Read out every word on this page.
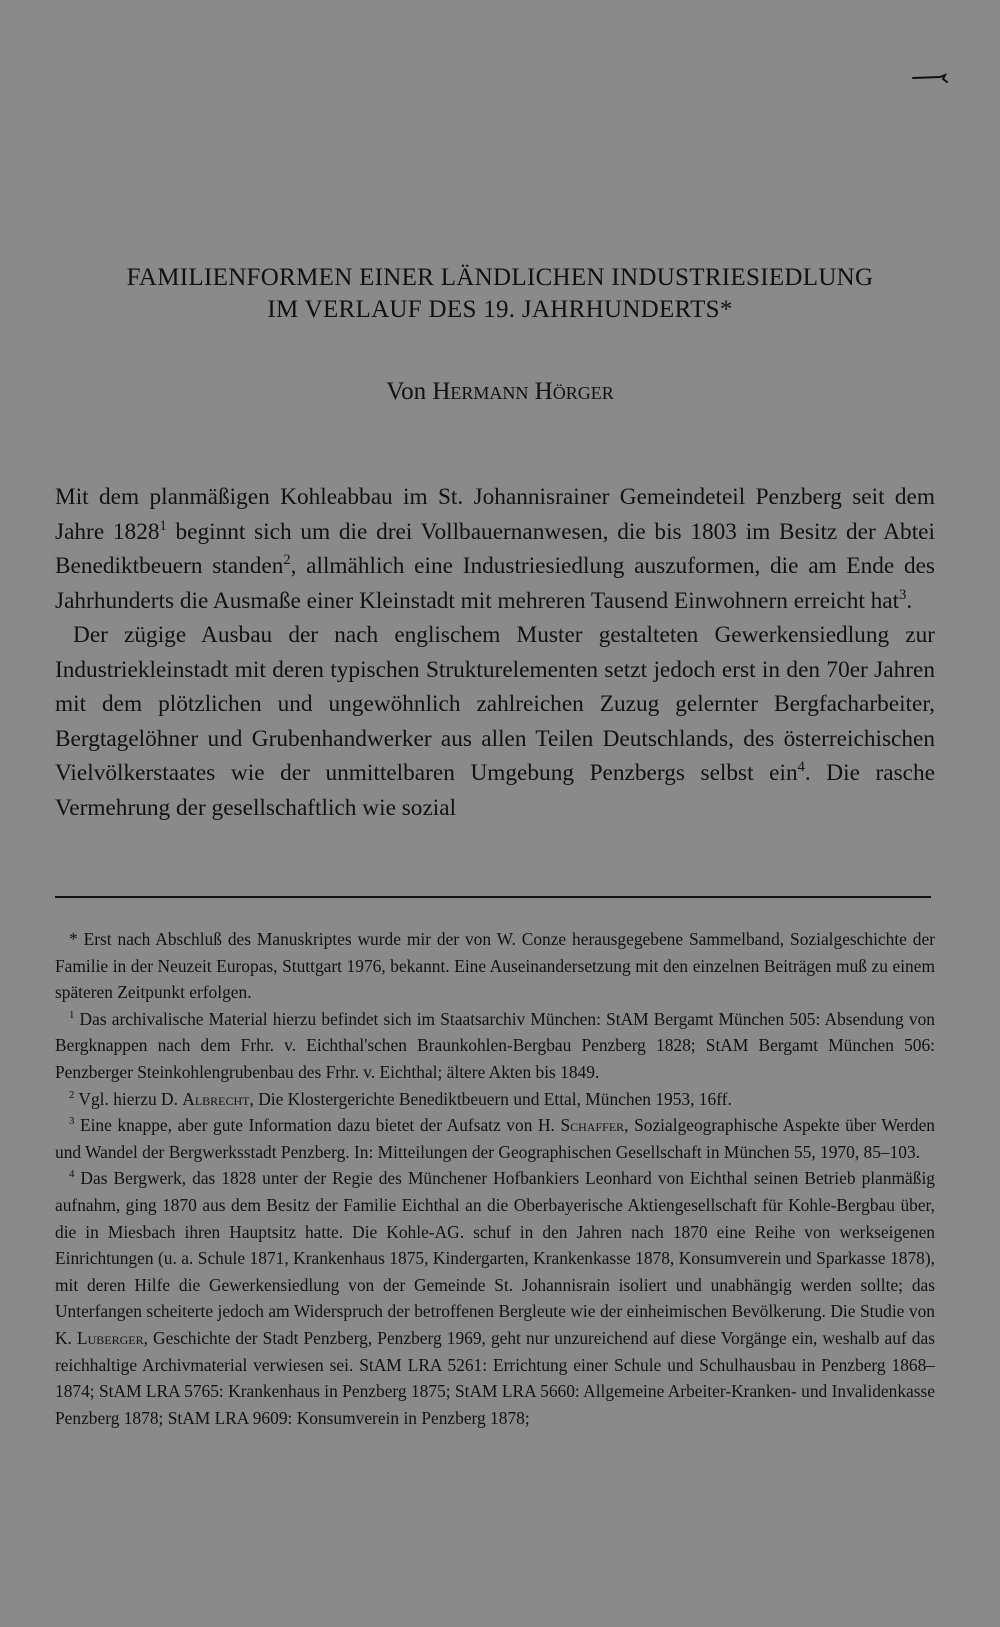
FAMILIENFORMEN EINER LÄNDLICHEN INDUSTRIESIEDLUNG
IM VERLAUF DES 19. JAHRHUNDERTS*
Von Hermann Hörger

Mit dem planmäßigen Kohleabbau im St. Johannisrainer Gemeindeteil Penzberg seit dem Jahre 1828$^1$ beginnt sich um die drei Vollbauernanwesen, die bis 1803 im Besitz der Abtei Benediktbeuern standen$^2$, allmählich eine Industriesiedlung auszuformen, die am Ende des Jahrhunderts die Ausmaße einer Kleinstadt mit mehreren Tausend Einwohnern erreicht hat$^3$.

Der zügige Ausbau der nach englischem Muster gestalteten Gewerkensiedlung zur Industriekleinstadt mit deren typischen Strukturelementen setzt jedoch erst in den 70er Jahren mit dem plötzlichen und ungewöhnlich zahlreichen Zuzug gelernter Bergfacharbeiter, Bergtagelöhner und Grubenhandwerker aus allen Teilen Deutschlands, des österreichischen Vielvölkerstaates wie der unmittelbaren Umgebung Penzbergs selbst ein$^4$. Die rasche Vermehrung der gesellschaftlich wie sozial

* Erst nach Abschluß des Manuskriptes wurde mir der von W. Conze herausgegebene Sammelband, Sozialgeschichte der Familie in der Neuzeit Europas, Stuttgart 1976, bekannt. Eine Auseinandersetzung mit den einzelnen Beiträgen muß zu einem späteren Zeitpunkt erfolgen.

$^1$ Das archivalische Material hierzu befindet sich im Staatsarchiv München: StAM Bergamt München 505: Absendung von Bergknappen nach dem Frhr. v. Eichthal'schen Braunkohlen-Bergbau Penzberg 1828; StAM Bergamt München 506: Penzberger Steinkohlengrubenbau des Frhr. v. Eichthal; ältere Akten bis 1849.

$^2$ Vgl. hierzu D. Albrecht, Die Klostergerichte Benediktbeuern und Ettal, München 1953, 16ff.

$^3$ Eine knappe, aber gute Information dazu bietet der Aufsatz von H. Schaffer, Sozialgeographische Aspekte über Werden und Wandel der Bergwerksstadt Penzberg. In: Mitteilungen der Geographischen Gesellschaft in München 55, 1970, 85–103.

$^4$ Das Bergwerk, das 1828 unter der Regie des Münchener Hofbankiers Leonhard von Eichthal seinen Betrieb planmäßig aufnahm, ging 1870 aus dem Besitz der Familie Eichthal an die Oberbayerische Aktiengesellschaft für Kohle-Bergbau über, die in Miesbach ihren Hauptsitz hatte. Die Kohle-AG. schuf in den Jahren nach 1870 eine Reihe von werkseigenen Einrichtungen (u. a. Schule 1871, Krankenhaus 1875, Kindergarten, Krankenkasse 1878, Konsumverein und Sparkasse 1878), mit deren Hilfe die Gewerkensiedlung von der Gemeinde St. Johannisrain isoliert und unabhängig werden sollte; das Unterfangen scheiterte jedoch am Widerspruch der betroffenen Bergleute wie der einheimischen Bevölkerung. Die Studie von K. Luberger, Geschichte der Stadt Penzberg, Penzberg 1969, geht nur unzureichend auf diese Vorgänge ein, weshalb auf das reichhaltige Archivmaterial verwiesen sei. StAM LRA 5261: Errichtung einer Schule und Schulhausbau in Penzberg 1868–1874; StAM LRA 5765: Krankenhaus in Penzberg 1875; StAM LRA 5660: Allgemeine Arbeiter-Kranken- und Invalidenkasse Penzberg 1878; StAM LRA 9609: Konsumverein in Penzberg 1878;
